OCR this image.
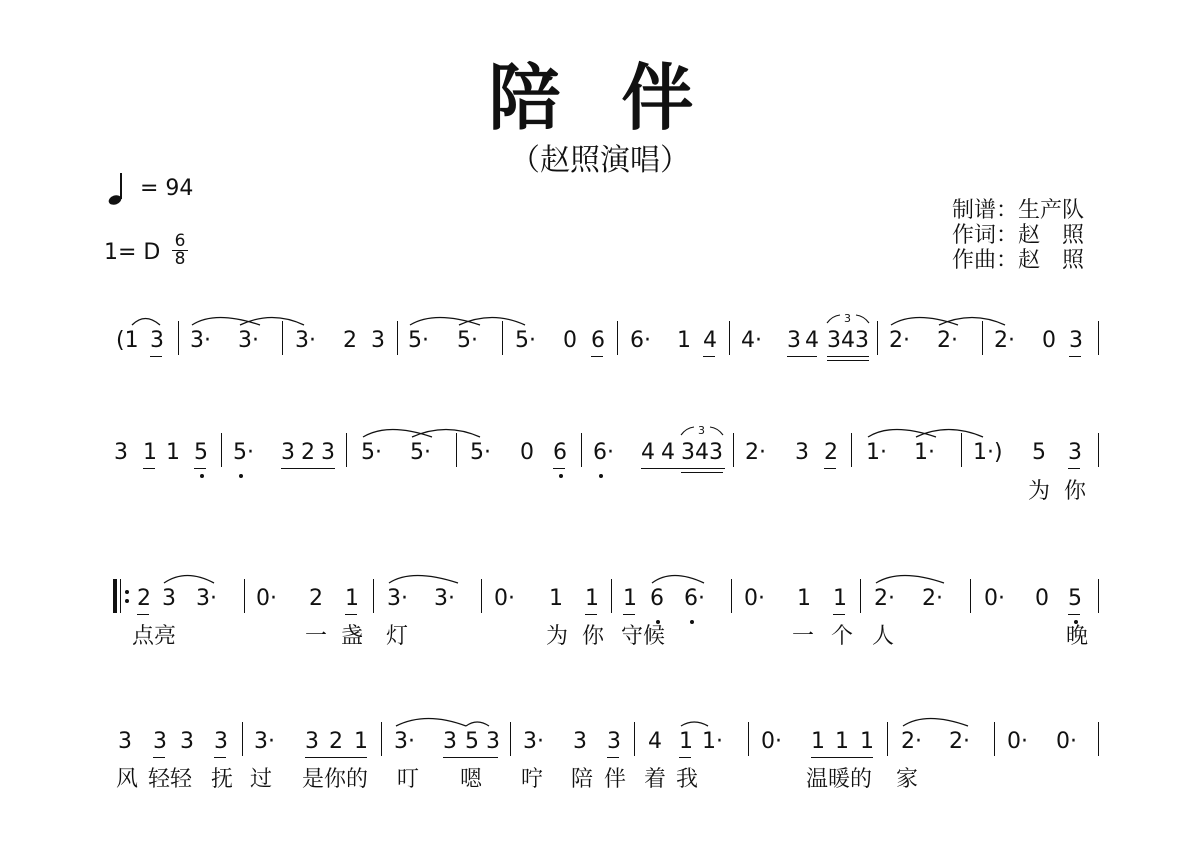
陪 伴
（赵照演唱）
= 94
1= D 6
8
制谱：生产队
作词：赵　照
作曲：赵　照
(1 3 3· 3· 3· 2 3 5· 5· 5· 0 6 6· 1 4 4· 3 4 3 4 3 2· 2· 2· 0 3
3 1 1 5 5· 3 2 3 5· 5· 5· 0 6 6· 4 4 3 4 3 2· 3 2 1· 1· 1·) 5 3
为 你
2 3 3· 0· 2 1 3· 3· 0· 1 1 1 6 6· 0· 1 1 2· 2· 0· 0 5
点亮	一 盏 灯	为 你 守候	一 个 人	晚
3 3 3 3 3· 3 2 1 3· 3 5 3 3· 3 3 4 1 1· 0· 1 1 1 2· 2· 0· 0·
风 轻轻 抚 过 是你的 叮 嗯 咛 陪 伴 着 我	温暖的 家
3
3
